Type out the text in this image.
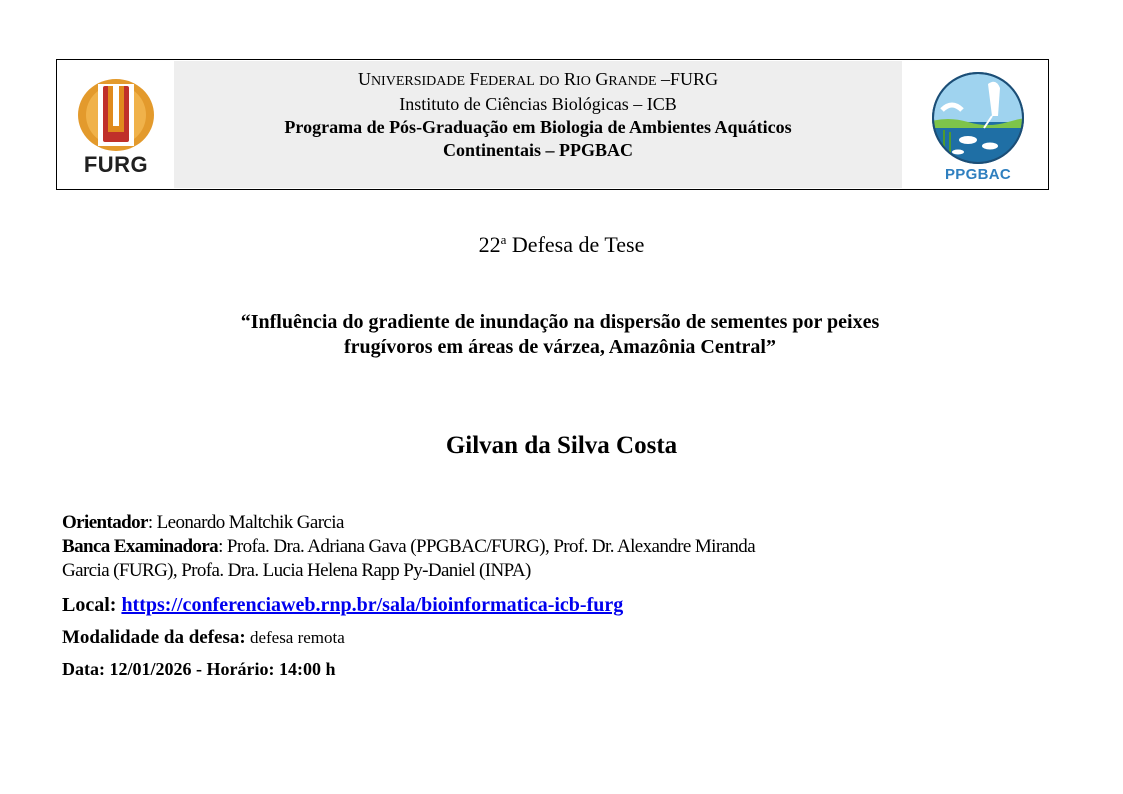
FURG
UNIVERSIDADE FEDERAL DO RIO GRANDE –FURG
Instituto de Ciências Biológicas – ICB
Programa de Pós-Graduação em Biologia de Ambientes Aquáticos
Continentais – PPGBAC
PPGBAC
22$^a$ Defesa de Tese
“Influência do gradiente de inundação na dispersão de sementes por peixes
frugívoros em áreas de várzea, Amazônia Central”
Gilvan da Silva Costa
Orientador: Leonardo Maltchik Garcia
Banca Examinadora: Profa. Dra. Adriana Gava (PPGBAC/FURG), Prof. Dr. Alexandre Miranda
Garcia (FURG), Profa. Dra. Lucia Helena Rapp Py-Daniel (INPA)
Local: https://conferenciaweb.rnp.br/sala/bioinformatica-icb-furg
Modalidade da defesa: defesa remota
Data: 12/01/2026 - Horário: 14:00 h
